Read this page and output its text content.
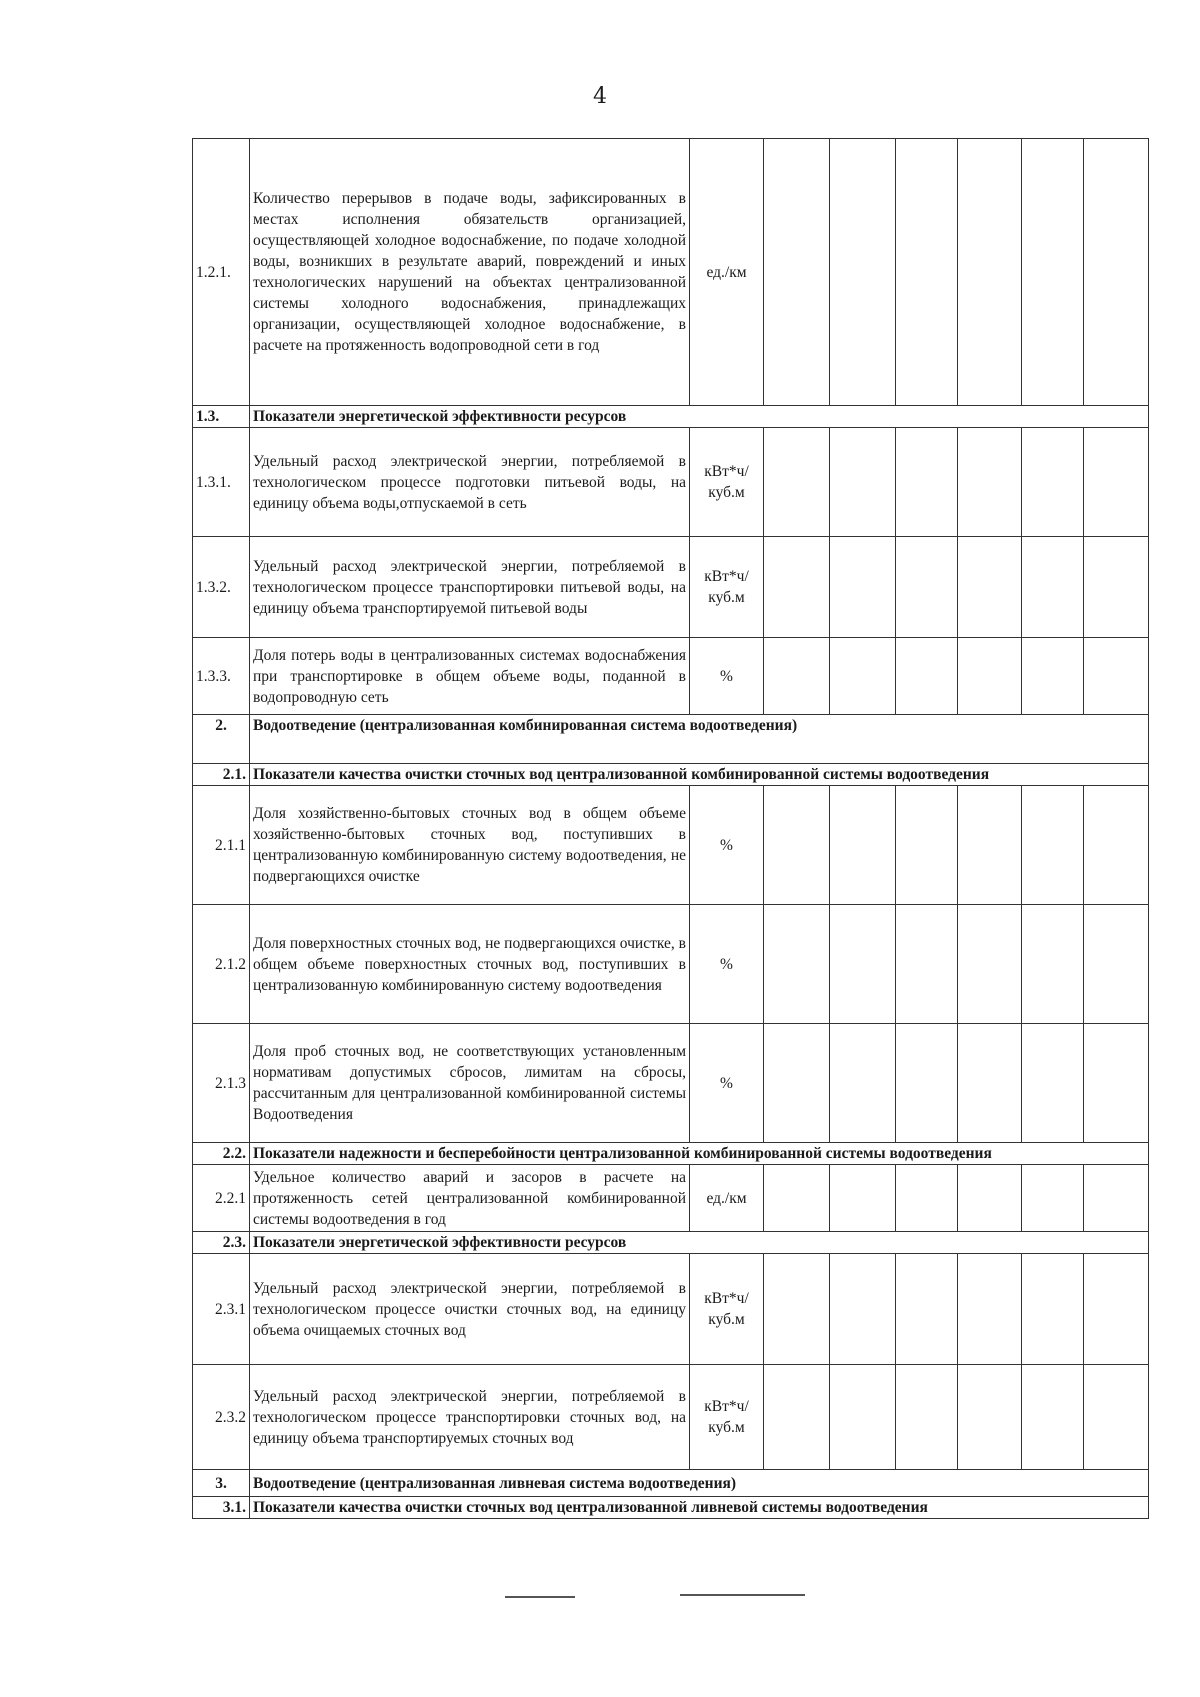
4
1.2.1.	Количество перерывов в подаче воды, зафиксированных в местах исполнения обязательств организацией, осуществляющей холодное водоснабжение, по подаче холодной воды, возникших в результате аварий, повреждений и иных технологических нарушений на объектах централизованной системы холодного водоснабжения, принадлежащих организации, осуществляющей холодное водоснабжение, в расчете на протяженность водопроводной сети в год	ед./км						
1.3.	Показатели энергетической эффективности ресурсов							
1.3.1.	Удельный расход электрической энергии, потребляемой в технологическом процессе подготовки питьевой воды, на единицу объема воды,отпускаемой в сеть	кВт*ч/ куб.м						
1.3.2.	Удельный расход электрической энергии, потребляемой в технологическом процессе транспортировки питьевой воды, на единицу объема транспортируемой питьевой воды	кВт*ч/ куб.м						
1.3.3.	Доля потерь воды в централизованных системах водоснабжения при транспортировке в общем объеме воды, поданной в водопроводную сеть	%						
2.	Водоотведение (централизованная комбинированная система водоотведения)							
2.1.	Показатели качества очистки сточных вод централизованной комбинированной системы водоотведения							
2.1.1	Доля хозяйственно-бытовых сточных вод в общем объеме хозяйственно-бытовых сточных вод, поступивших в централизованную комбинированную систему водоотведения, не подвергающихся очистке	%						
2.1.2	Доля поверхностных сточных вод, не подвергающихся очистке, в общем объеме поверхностных сточных вод, поступивших в централизованную комбинированную систему водоотведения	%						
2.1.3	Доля проб сточных вод, не соответствующих установленным нормативам допустимых сбросов, лимитам на сбросы, рассчитанным для централизованной комбинированной системы Водоотведения	%						
2.2.	Показатели надежности и бесперебойности централизованной комбинированной системы водоотведения							
2.2.1	Удельное количество аварий и засоров в расчете на протяженность сетей централизованной комбинированной системы водоотведения в год	ед./км						
2.3.	Показатели энергетической эффективности ресурсов							
2.3.1	Удельный расход электрической энергии, потребляемой в технологическом процессе очистки сточных вод, на единицу объема очищаемых сточных вод	кВт*ч/ куб.м						
2.3.2	Удельный расход электрической энергии, потребляемой в технологическом процессе транспортировки сточных вод, на единицу объема транспортируемых сточных вод	кВт*ч/ куб.м						
3.	Водоотведение (централизованная ливневая система водоотведения)							
3.1.	Показатели качества очистки сточных вод централизованной ливневой системы водоотведения							
